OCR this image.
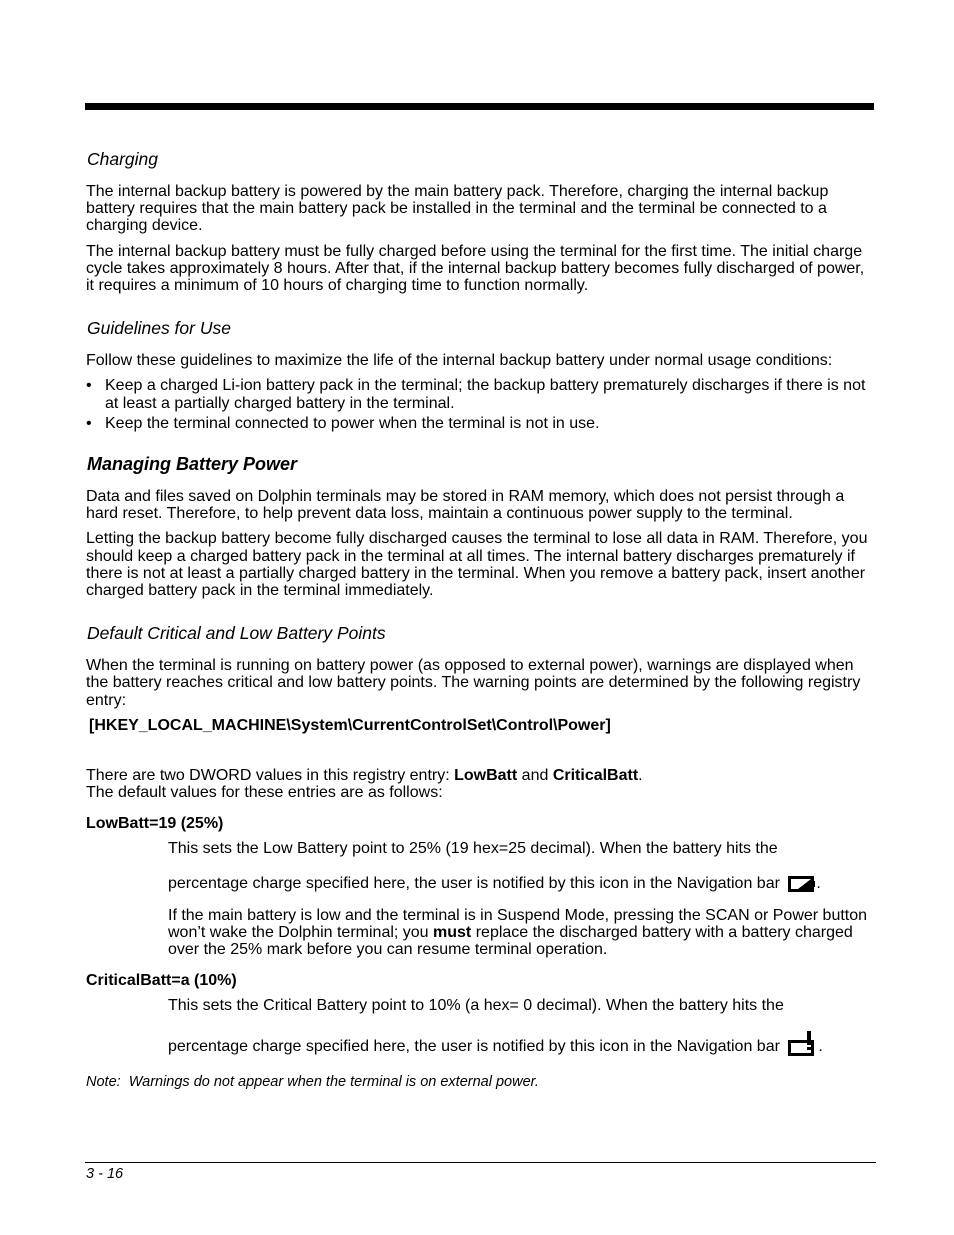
Charging

The internal backup battery is powered by the main battery pack. Therefore, charging the internal backup battery requires that the main battery pack be installed in the terminal and the terminal be connected to a charging device.

The internal backup battery must be fully charged before using the terminal for the first time. The initial charge cycle takes approximately 8 hours. After that, if the internal backup battery becomes fully discharged of power, it requires a minimum of 10 hours of charging time to function normally.

Guidelines for Use

Follow these guidelines to maximize the life of the internal backup battery under normal usage conditions:

• Keep a charged Li-ion battery pack in the terminal; the backup battery prematurely discharges if there is not at least a partially charged battery in the terminal.
• Keep the terminal connected to power when the terminal is not in use.
Managing Battery Power

Data and files saved on Dolphin terminals may be stored in RAM memory, which does not persist through a hard reset. Therefore, to help prevent data loss, maintain a continuous power supply to the terminal.

Letting the backup battery become fully discharged causes the terminal to lose all data in RAM. Therefore, you should keep a charged battery pack in the terminal at all times. The internal battery discharges prematurely if there is not at least a partially charged battery in the terminal. When you remove a battery pack, insert another charged battery pack in the terminal immediately.

Default Critical and Low Battery Points

When the terminal is running on battery power (as opposed to external power), warnings are displayed when the battery reaches critical and low battery points. The warning points are determined by the following registry entry:

[HKEY_LOCAL_MACHINE\System\CurrentControlSet\Control\Power]

There are two DWORD values in this registry entry: LowBatt and CriticalBatt.
The default values for these entries are as follows:

LowBatt=19 (25%)

This sets the Low Battery point to 25% (19 hex=25 decimal). When the battery hits the

percentage charge specified here, the user is notified by this icon in the Navigation bar .

If the main battery is low and the terminal is in Suspend Mode, pressing the SCAN or Power button won’t wake the Dolphin terminal; you must replace the discharged battery with a battery charged over the 25% mark before you can resume terminal operation.

CriticalBatt=a (10%)

This sets the Critical Battery point to 10% (a hex= 0 decimal). When the battery hits the

percentage charge specified here, the user is notified by this icon in the Navigation bar .

Note: Warnings do not appear when the terminal is on external power.
3 - 16
